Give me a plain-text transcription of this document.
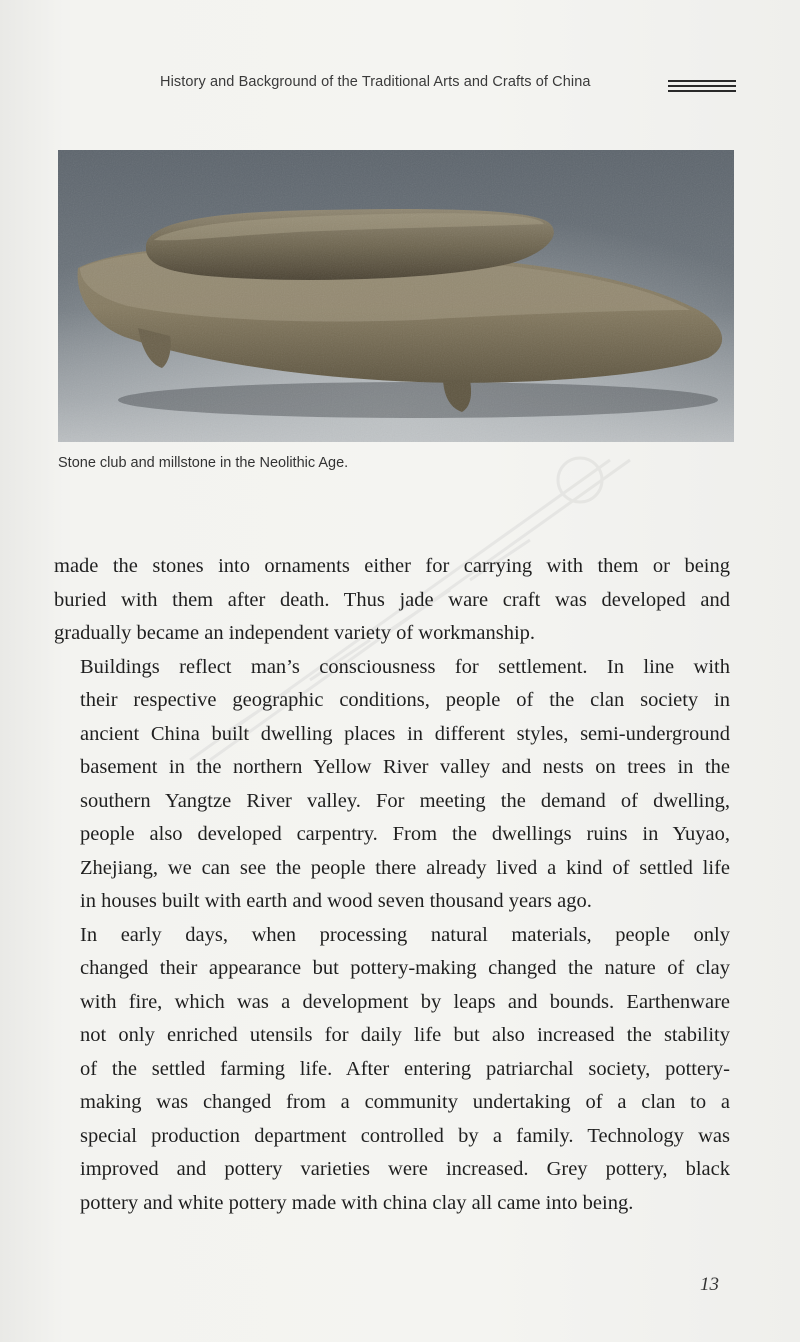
History and Background of the Traditional Arts and Crafts of China
Stone club and millstone in the Neolithic Age.

made the stones into ornaments either for carrying with them or being
buried with them after death. Thus jade ware craft was developed and
gradually became an independent variety of workmanship.

Buildings reflect man’s consciousness for settlement. In line with
their respective geographic conditions, people of the clan society in
ancient China built dwelling places in different styles, semi-underground
basement in the northern Yellow River valley and nests on trees in the
southern Yangtze River valley. For meeting the demand of dwelling,
people also developed carpentry. From the dwellings ruins in Yuyao,
Zhejiang, we can see the people there already lived a kind of settled life
in houses built with earth and wood seven thousand years ago.

In early days, when processing natural materials, people only
changed their appearance but pottery-making changed the nature of clay
with fire, which was a development by leaps and bounds. Earthenware
not only enriched utensils for daily life but also increased the stability
of the settled farming life. After entering patriarchal society, pottery-
making was changed from a community undertaking of a clan to a
special production department controlled by a family. Technology was
improved and pottery varieties were increased. Grey pottery, black
pottery and white pottery made with china clay all came into being.

13
